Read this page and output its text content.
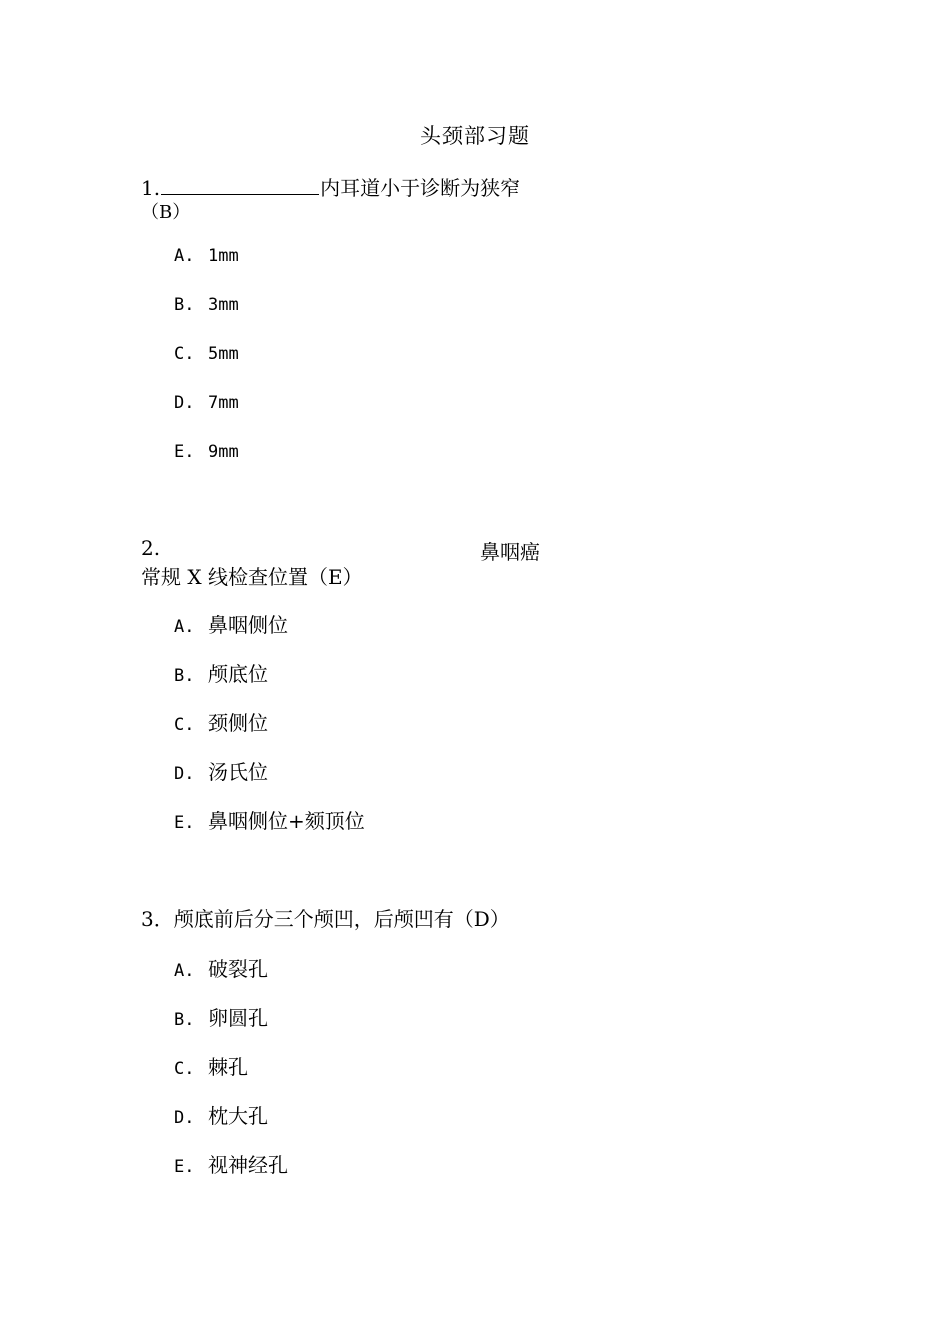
头颈部习题
1.	内耳道小于诊断为狭窄
（B）
A. 1mm
B. 3mm
C. 5mm
D. 7mm
E. 9mm
2.	鼻咽癌
常规 X 线检查位置（E）
A. 鼻咽侧位
B. 颅底位
C. 颈侧位
D. 汤氏位
E. 鼻咽侧位+颏顶位
3．颅底前后分三个颅凹，后颅凹有（D）
A. 破裂孔
B. 卵圆孔
C. 棘孔
D. 枕大孔
E. 视神经孔
